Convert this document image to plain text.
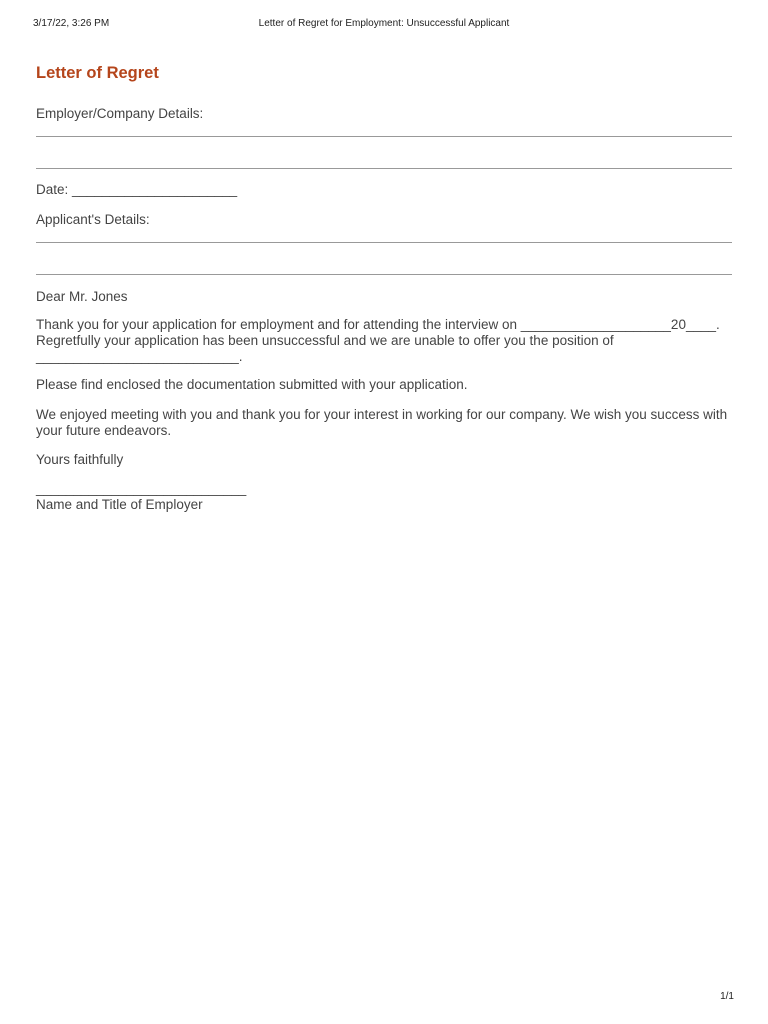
3/17/22, 3:26 PM	Letter of Regret for Employment: Unsuccessful Applicant
Letter of Regret
Employer/Company Details:
Date: ______________________
Applicant's Details:
Dear Mr. Jones
Thank you for your application for employment and for attending the interview on ____________________20____.
Regretfully your application has been unsuccessful and we are unable to offer you the position of
___________________________.
Please find enclosed the documentation submitted with your application.
We enjoyed meeting with you and thank you for your interest in working for our company. We wish you success with
your future endeavors.
Yours faithfully
____________________________
Name and Title of Employer
1/1
